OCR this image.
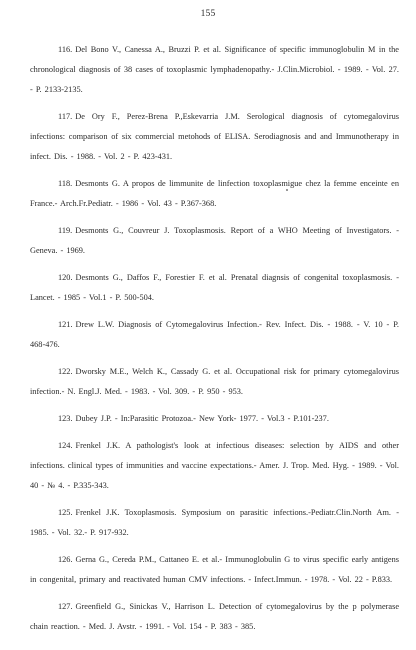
155
116. Del Bono V., Canessa A., Bruzzi P. et al. Significance of specific immunoglobulin M in the chronological diagnosis of 38 cases of toxoplasmic lymphadenopathy.- J.Clin.Microbiol. - 1989. - Vol. 27. - P. 2133-2135.
117. De Ory F., Perez-Brena P.,Eskevarria J.M. Serological diagnosis of cytomegalovirus infections: comparison of six commercial metohods of ELISA. Serodiagnosis and and Immunotherapy in infect. Dis. - 1988. - Vol. 2 - P. 423-431.
118. Desmonts G. A propos de limmunite de linfection toxoplasmigue chez la femme enceinte en France.- Arch.Fr.Pediatr. - 1986 - Vol. 43 - P.367-368.
119. Desmonts G., Couvreur J. Toxoplasmosis. Report of a WHO Meeting of Investigators. - Geneva. - 1969.
120. Desmonts G., Daffos F., Forestier F. et al. Prenatal diagnsis of congenital toxoplasmosis. - Lancet. - 1985 - Vol.1 - P. 500-504.
121. Drew L.W. Diagnosis of Cytomegalovirus Infection.- Rev. Infect. Dis. - 1988. - V. 10 - P. 468-476.
122. Dworsky M.E., Welch K., Cassady G. et al. Occupational risk for primary cytomegalovirus infection.- N. Engl.J. Med. - 1983. - Vol. 309. - P. 950 - 953.
123. Dubey J.P. - In:Parasitic Protozoa.- New York- 1977. - Vol.3 - P.101-237.
124. Frenkel J.K. A pathologist's look at infectious diseases: selection by AIDS and other infections. clinical types of immunities and vaccine expectations.- Amer. J. Trop. Med. Hyg. - 1989. - Vol. 40 - № 4. - P.335-343.
125. Frenkel J.K. Toxoplasmosis. Symposium on parasitic infections.-Pediatr.Clin.North Am. - 1985. - Vol. 32.- P. 917-932.
126. Gerna G., Cereda P.M., Cattaneo E. et al.- Immunoglobulin G to virus specific early antigens in congenital, primary and reactivated human CMV infections. - Infect.Immun. - 1978. - Vol. 22 - P.833.
127. Greenfield G., Sinickas V., Harrison L. Detection of cytomegalovirus by the p polymerase chain reaction. - Med. J. Avstr. - 1991. - Vol. 154 - P. 383 - 385.
